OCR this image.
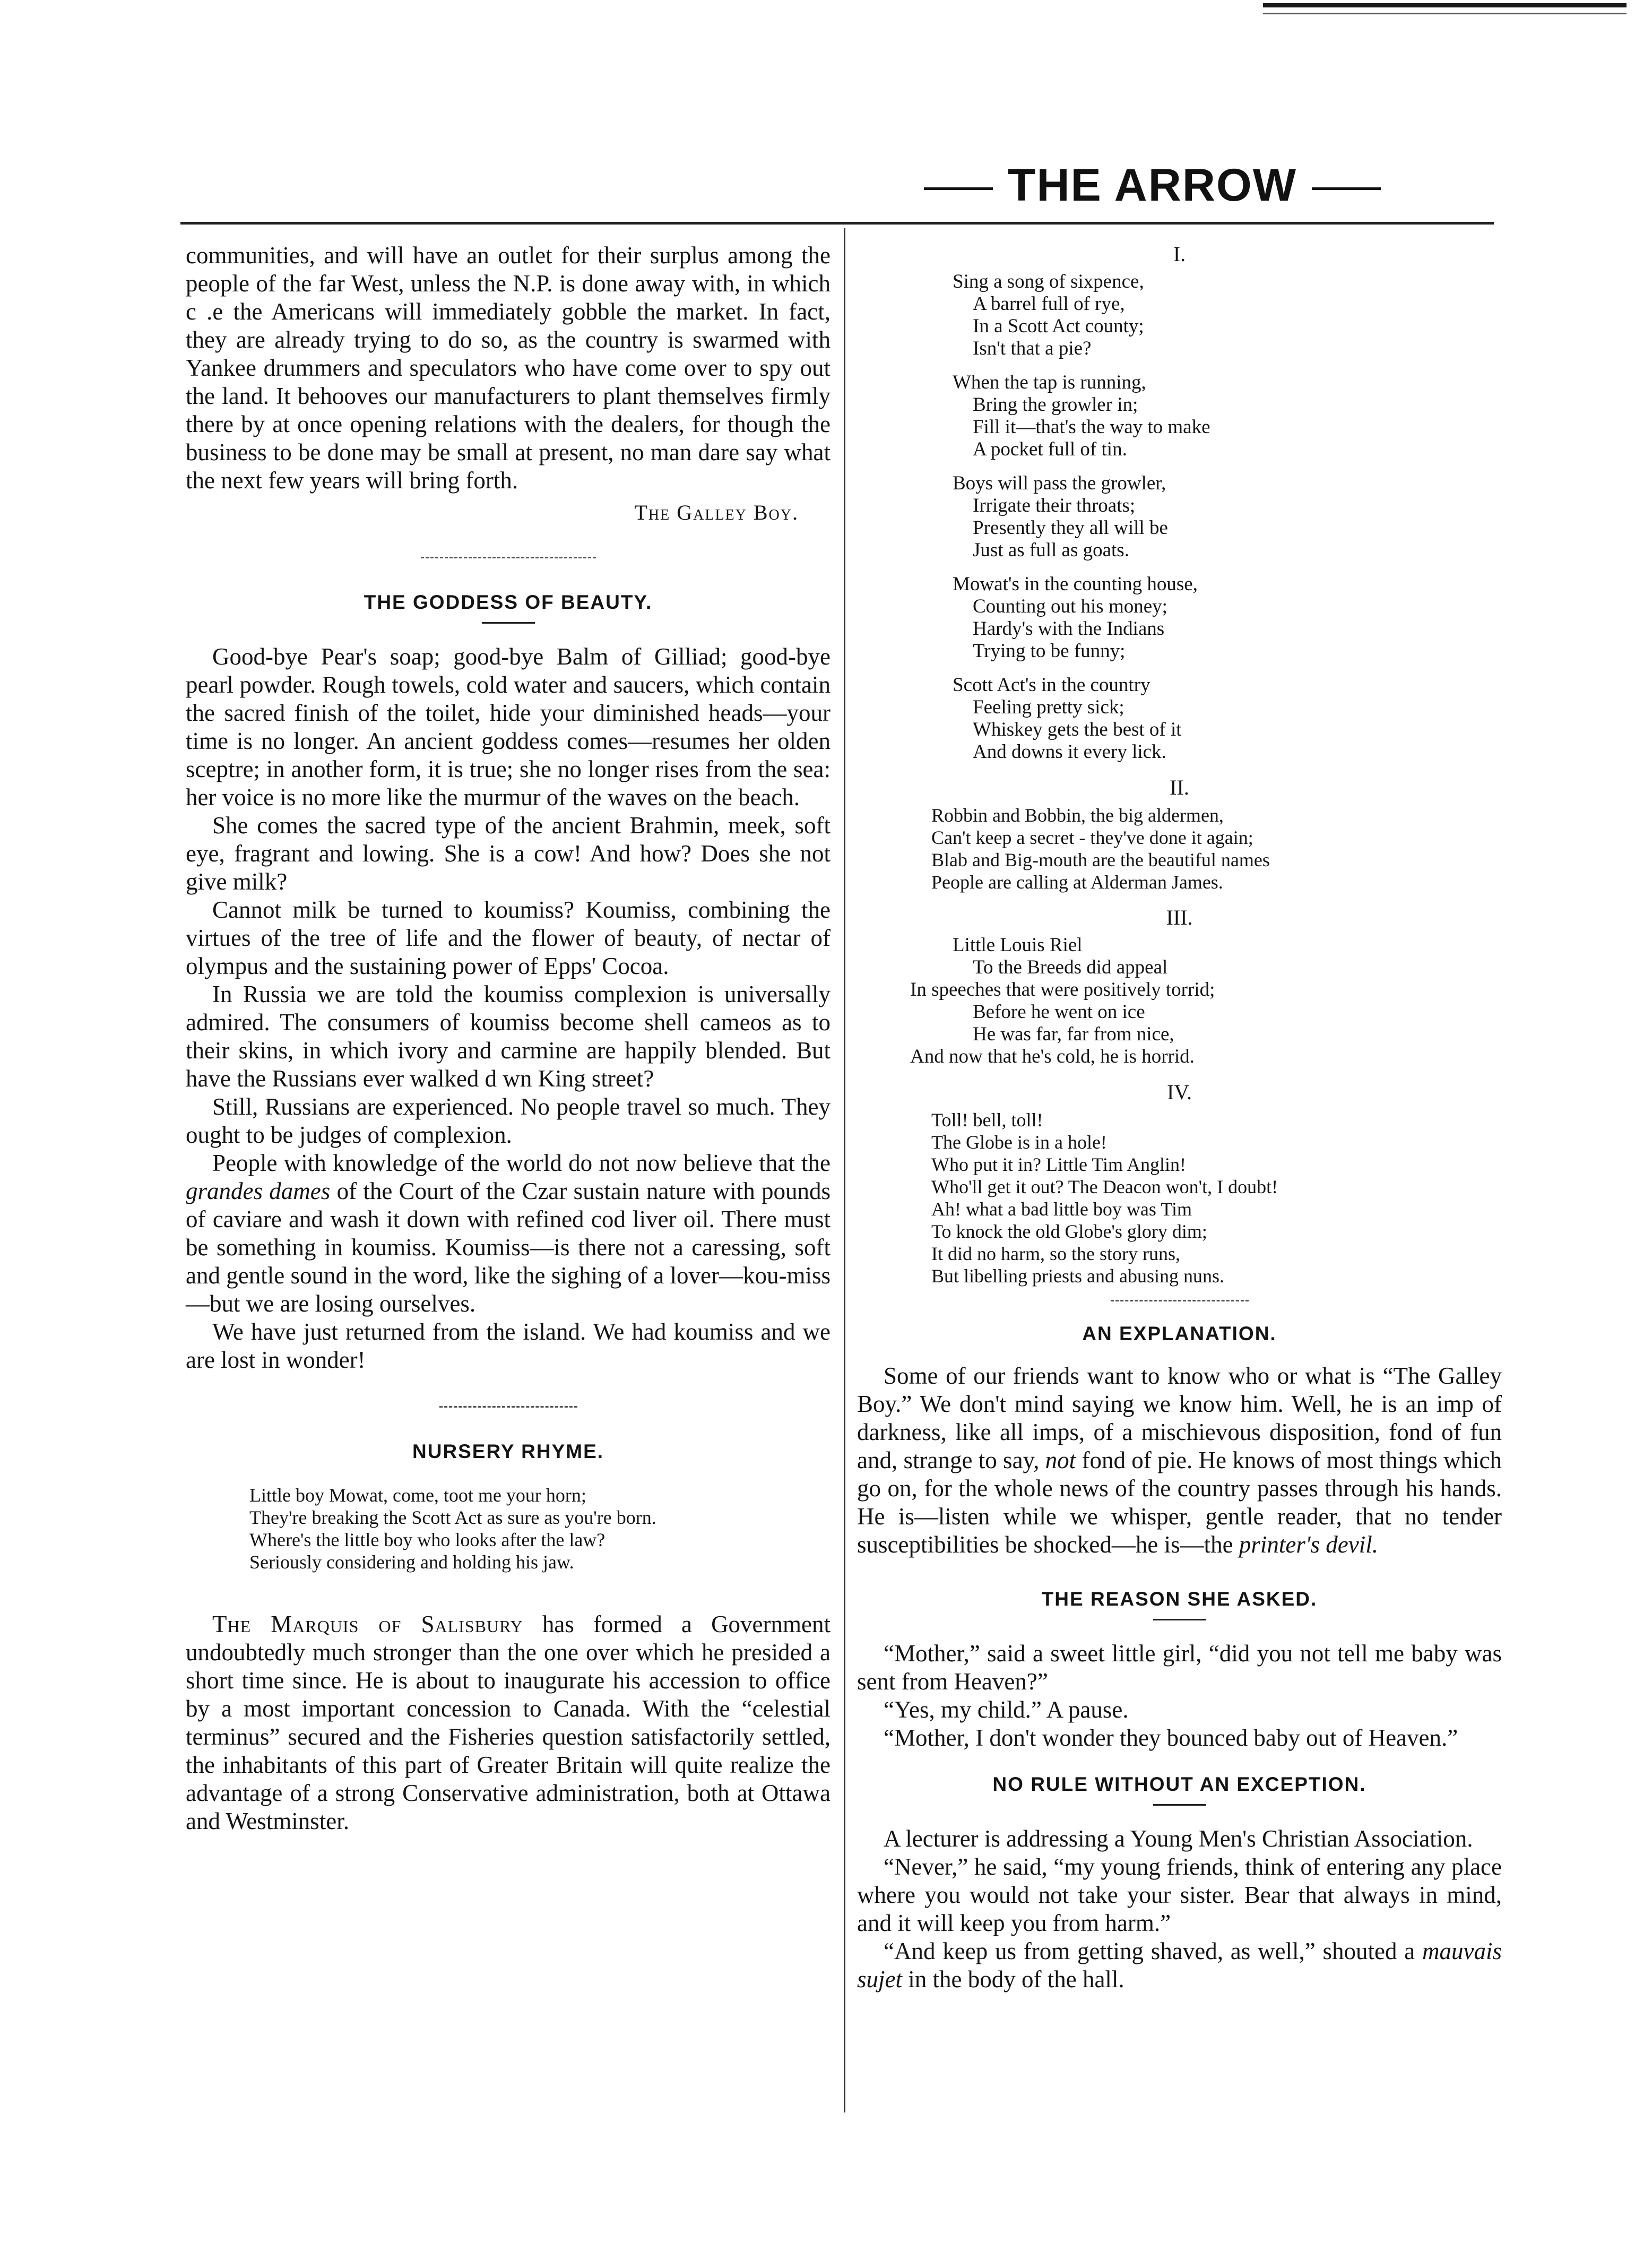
THE ARROW

communities, and will have an outlet for their surplus among the people of the far West, unless the N.P. is done away with, in which c .e the Americans will immediately gobble the market. In fact, they are already trying to do so, as the country is swarmed with Yankee drummers and speculators who have come over to spy out the land. It behooves our manufacturers to plant themselves firmly there by at once opening relations with the dealers, for though the business to be done may be small at present, no man dare say what the next few years will bring forth.

The Galley Boy.
THE GODDESS OF BEAUTY.

Good-bye Pear's soap; good-bye Balm of Gilliad; good-bye pearl powder. Rough towels, cold water and saucers, which contain the sacred finish of the toilet, hide your diminished heads—your time is no longer. An ancient goddess comes—resumes her olden sceptre; in another form, it is true; she no longer rises from the sea: her voice is no more like the murmur of the waves on the beach.

She comes the sacred type of the ancient Brahmin, meek, soft eye, fragrant and lowing. She is a cow! And how? Does she not give milk?

Cannot milk be turned to koumiss? Koumiss, combining the virtues of the tree of life and the flower of beauty, of nectar of olympus and the sustaining power of Epps' Cocoa.

In Russia we are told the koumiss complexion is universally admired. The consumers of koumiss become shell cameos as to their skins, in which ivory and carmine are happily blended. But have the Russians ever walked d wn King street?

Still, Russians are experienced. No people travel so much. They ought to be judges of complexion.

People with knowledge of the world do not now believe that the grandes dames of the Court of the Czar sustain nature with pounds of caviare and wash it down with refined cod liver oil. There must be something in koumiss. Koumiss—is there not a caressing, soft and gentle sound in the word, like the sighing of a lover—kou-miss—but we are losing ourselves.

We have just returned from the island. We had koumiss and we are lost in wonder!

NURSERY RHYME.
Little boy Mowat, come, toot me your horn;
They're breaking the Scott Act as sure as you're born.
Where's the little boy who looks after the law?
Seriously considering and holding his jaw.

The Marquis of Salisbury has formed a Government undoubtedly much stronger than the one over which he presided a short time since. He is about to inaugurate his accession to office by a most important concession to Canada. With the “celestial terminus” secured and the Fisheries question satisfactorily settled, the inhabitants of this part of Greater Britain will quite realize the advantage of a strong Conservative administration, both at Ottawa and Westminster.

I.
Sing a song of sixpence,
A barrel full of rye,
In a Scott Act county;
Isn't that a pie?
When the tap is running,
Bring the growler in;
Fill it—that's the way to make
A pocket full of tin.
Boys will pass the growler,
Irrigate their throats;
Presently they all will be
Just as full as goats.
Mowat's in the counting house,
Counting out his money;
Hardy's with the Indians
Trying to be funny;
Scott Act's in the country
Feeling pretty sick;
Whiskey gets the best of it
And downs it every lick.
II.
Robbin and Bobbin, the big aldermen,
Can't keep a secret - they've done it again;
Blab and Big-mouth are the beautiful names
People are calling at Alderman James.
III.
Little Louis Riel
To the Breeds did appeal
In speeches that were positively torrid;
Before he went on ice
He was far, far from nice,
And now that he's cold, he is horrid.
IV.
Toll! bell, toll!
The Globe is in a hole!
Who put it in? Little Tim Anglin!
Who'll get it out? The Deacon won't, I doubt!
Ah! what a bad little boy was Tim
To knock the old Globe's glory dim;
It did no harm, so the story runs,
But libelling priests and abusing nuns.
AN EXPLANATION.

Some of our friends want to know who or what is “The Galley Boy.” We don't mind saying we know him. Well, he is an imp of darkness, like all imps, of a mischievous disposition, fond of fun and, strange to say, not fond of pie. He knows of most things which go on, for the whole news of the country passes through his hands. He is—listen while we whisper, gentle reader, that no tender susceptibilities be shocked—he is—the printer's devil.

THE REASON SHE ASKED.

“Mother,” said a sweet little girl, “did you not tell me baby was sent from Heaven?”

“Yes, my child.” A pause.

“Mother, I don't wonder they bounced baby out of Heaven.”

NO RULE WITHOUT AN EXCEPTION.

A lecturer is addressing a Young Men's Christian Association.

“Never,” he said, “my young friends, think of entering any place where you would not take your sister. Bear that always in mind, and it will keep you from harm.”

“And keep us from getting shaved, as well,” shouted a mauvais sujet in the body of the hall.
